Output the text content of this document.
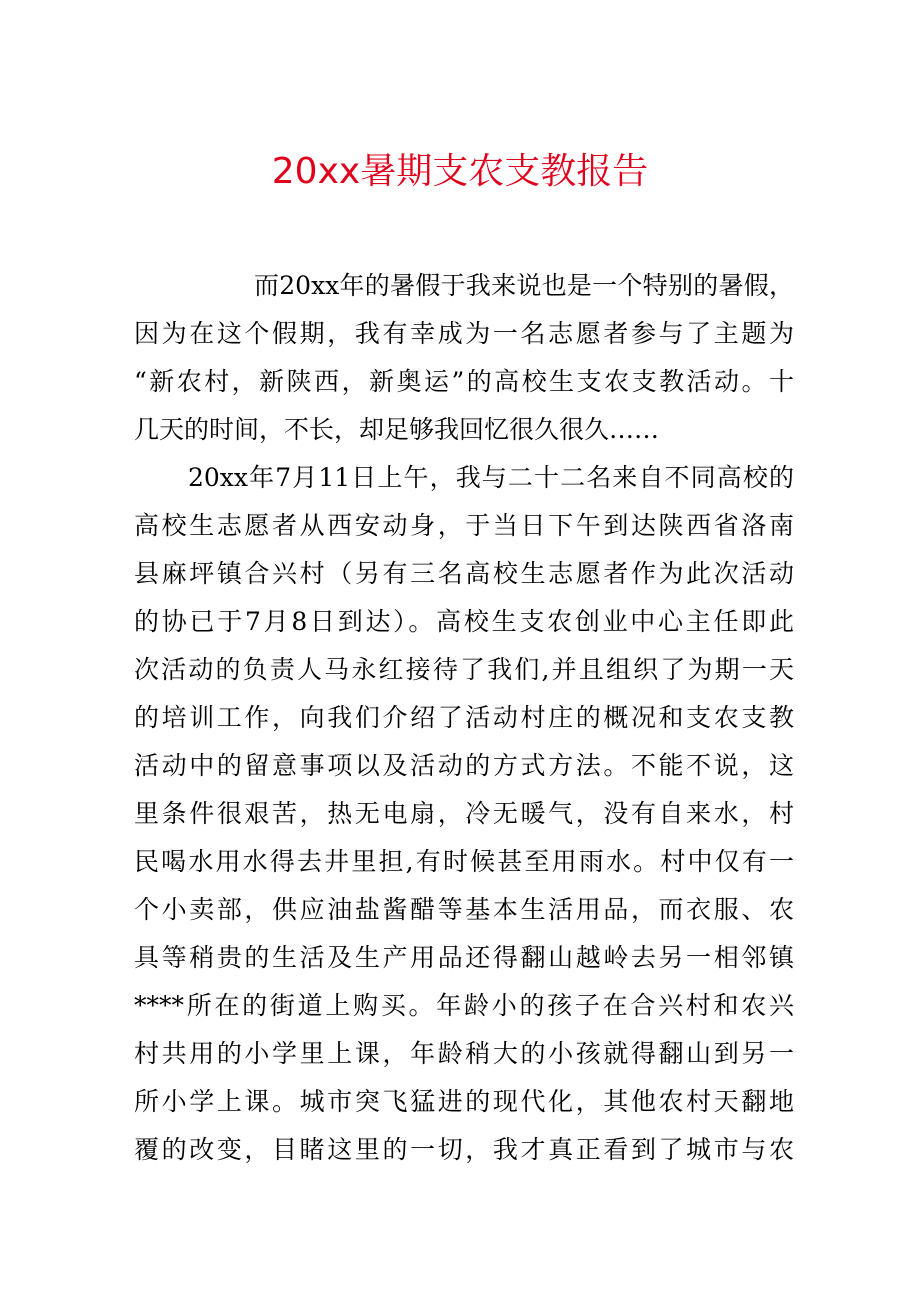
20xx暑期支农支教报告
而20xx年的暑假于我来说也是一个特别的暑假，
因为在这个假期，我有幸成为一名志愿者参与了主题为
“新农村，新陕西，新奥运”的高校生支农支教活动。十
几天的时间，不长，却足够我回忆很久很久……
20xx年7月11日上午，我与二十二名来自不同高校的
高校生志愿者从西安动身，于当日下午到达陕西省洛南
县麻坪镇合兴村（另有三名高校生志愿者作为此次活动
的协已于7月8日到达）。高校生支农创业中心主任即此
次活动的负责人马永红接待了我们,并且组织了为期一天
的培训工作，向我们介绍了活动村庄的概况和支农支教
活动中的留意事项以及活动的方式方法。不能不说，这
里条件很艰苦，热无电扇，冷无暖气，没有自来水，村
民喝水用水得去井里担,有时候甚至用雨水。村中仅有一
个小卖部，供应油盐酱醋等基本生活用品，而衣服、农
具等稍贵的生活及生产用品还得翻山越岭去另一相邻镇
****所在的街道上购买。年龄小的孩子在合兴村和农兴
村共用的小学里上课，年龄稍大的小孩就得翻山到另一
所小学上课。城市突飞猛进的现代化，其他农村天翻地
覆的改变，目睹这里的一切，我才真正看到了城市与农
